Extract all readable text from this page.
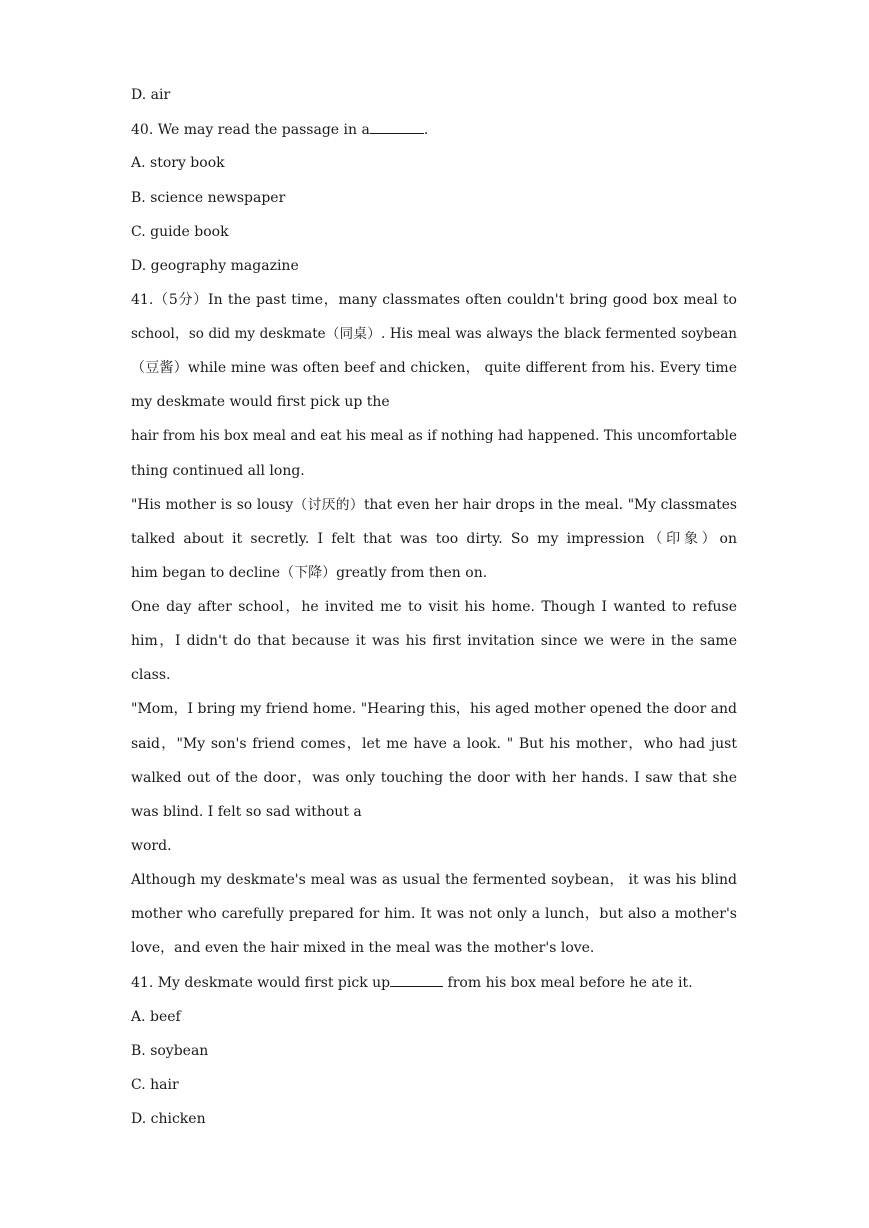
D. air
40. We may read the passage in a	.
A. story book
B. science newspaper
C. guide book
D. geography magazine
41.（5分）In the past time，many classmates often couldn't bring good box meal to
school，so did my deskmate（同桌）. His meal was always the black fermented soybean
（豆酱）while mine was often beef and chicken， quite different from his. Every time
my deskmate would first pick up the
hair from his box meal and eat his meal as if nothing had happened. This uncomfortable
thing continued all long.
"His mother is so lousy（讨厌的）that even her hair drops in the meal. "My classmates
talked about it secretly. I felt that was too dirty. So my impression（印象）on
him began to decline（下降）greatly from then on.
One day after school，he invited me to visit his home. Though I wanted to refuse
him，I didn't do that because it was his first invitation since we were in the same
class.
"Mom，I bring my friend home. "Hearing this，his aged mother opened the door and
said，"My son's friend comes，let me have a look. " But his mother，who had just
walked out of the door，was only touching the door with her hands. I saw that she
was blind. I felt so sad without a
word.
Although my deskmate's meal was as usual the fermented soybean， it was his blind
mother who carefully prepared for him. It was not only a lunch，but also a mother's
love，and even the hair mixed in the meal was the mother's love.
41. My deskmate would first pick up	from his box meal before he ate it.
A. beef
B. soybean
C. hair
D. chicken
